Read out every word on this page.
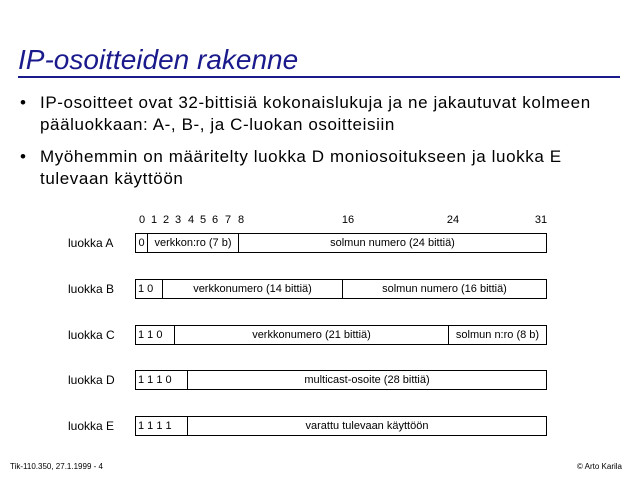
IP-osoitteiden rakenne
• IP-osoitteet ovat 32-bittisiä kokonaislukuja ja ne jakautuvat kolmeen pääluokkaan: A-, B-, ja C-luokan osoitteisiin
• Myöhemmin on määritelty luokka D moniosoitukseen ja luokka E tulevaan käyttöön
0 1 2 3 4 5 6 7 8	16	24	31
luokka A 0 verkkon:ro (7 b)	solmun numero (24 bittiä)
luokka B 1 0	verkkonumero (14 bittiä)	solmun numero (16 bittiä)
luokka C 1 1 0	verkkonumero (21 bittiä)	solmun n:ro (8 b)
luokka D 1 1 1 0	multicast-osoite (28 bittiä)
luokka E 1 1 1 1	varattu tulevaan käyttöön
Tik-110.350, 27.1.1999 - 4	© Arto Karila
